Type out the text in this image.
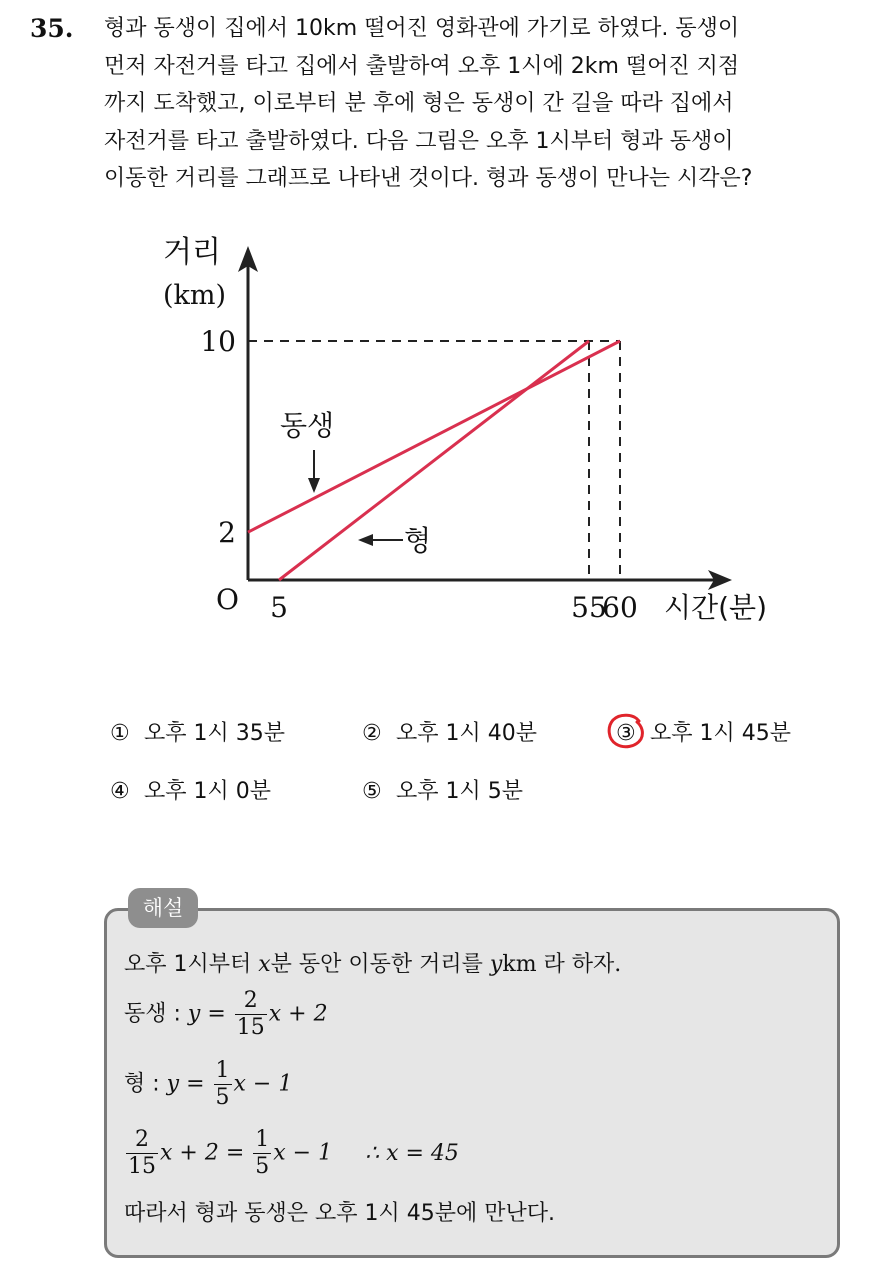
35. 형과 동생이 집에서 10km 떨어진 영화관에 가기로 하였다. 동생이
먼저 자전거를 타고 집에서 출발하여 오후 1시에 2km 떨어진 지점
까지 도착했고, 이로부터 분 후에 형은 동생이 간 길을 따라 집에서
자전거를 타고 출발하였다. 다음 그림은 오후 1시부터 형과 동생이
이동한 거리를 그래프로 나타낸 것이다. 형과 동생이 만나는 시각은?
거리
(km)
시간(분)
O
2
10
5	55
60
동생
형
① 오후 1시 35분	② 오후 1시 40분	③ 오후 1시 45분
④ 오후 1시 0분	⑤ 오후 1시 5분
해설
오후 1시부터 x분 동안 이동한 거리를 ykm 라 하자.
동생 : $y = \frac{2}{15}$ x + 2
형 : $y = \frac{1}{5}$ x − 1
$\frac{2}{15}$ $x + 2 = \frac{1}{5}$ x − 1 ∴ x = 45
따라서 형과 동생은 오후 1시 45분에 만난다.
